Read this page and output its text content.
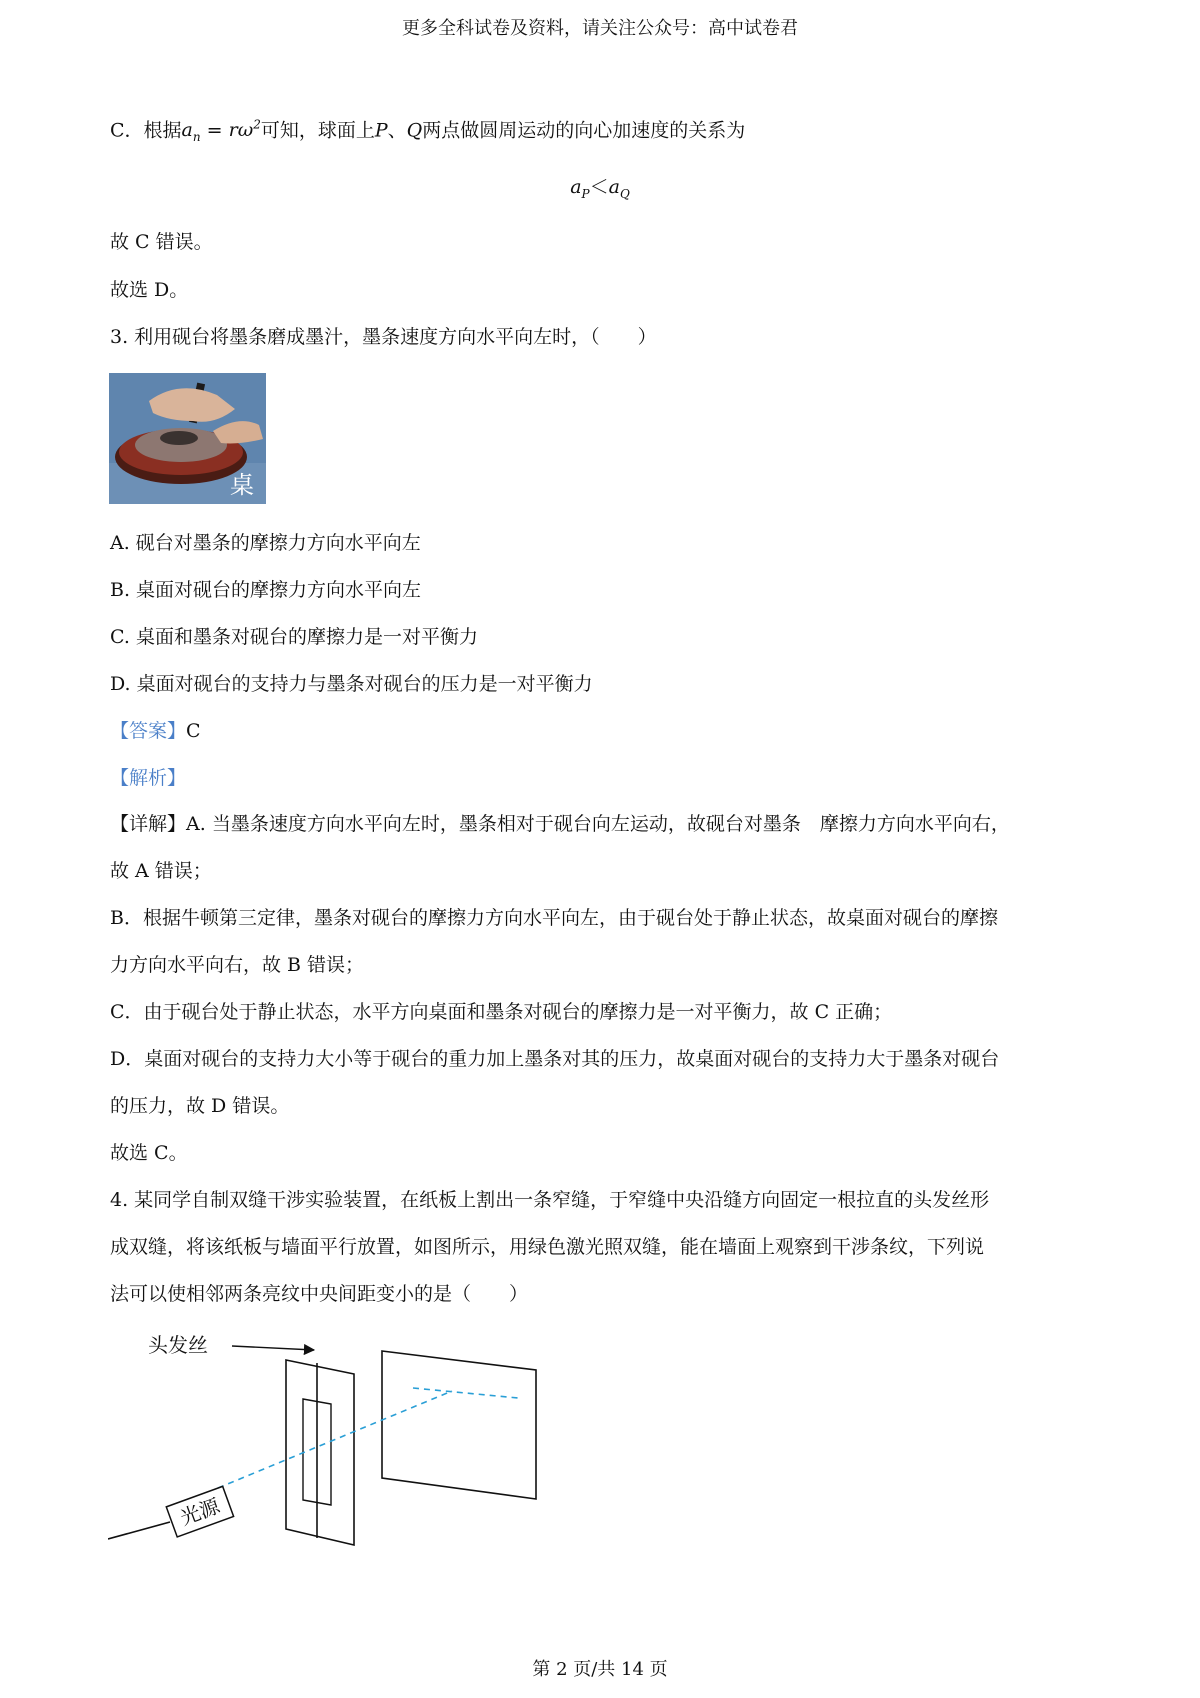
更多全科试卷及资料，请关注公众号：高中试卷君
C．根据$a_n = r\omega^2$可知，球面上P、Q两点做圆周运动的向心加速度的关系为
$a_P<a_Q$
故 C 错误。
故选 D。
3. 利用砚台将墨条磨成墨汁，墨条速度方向水平向左时，（　　）
桌
A. 砚台对墨条的摩擦力方向水平向左
B. 桌面对砚台的摩擦力方向水平向左
C. 桌面和墨条对砚台的摩擦力是一对平衡力
D. 桌面对砚台的支持力与墨条对砚台的压力是一对平衡力
【答案】C
【解析】
【详解】A. 当墨条速度方向水平向左时，墨条相对于砚台向左运动，故砚台对墨条　摩擦力方向水平向右，
故 A 错误；
B．根据牛顿第三定律，墨条对砚台的摩擦力方向水平向左，由于砚台处于静止状态，故桌面对砚台的摩擦
力方向水平向右，故 B 错误；
C．由于砚台处于静止状态，水平方向桌面和墨条对砚台的摩擦力是一对平衡力，故 C 正确；
D．桌面对砚台的支持力大小等于砚台的重力加上墨条对其的压力，故桌面对砚台的支持力大于墨条对砚台
的压力，故 D 错误。
故选 C。
4. 某同学自制双缝干涉实验装置，在纸板上割出一条窄缝，于窄缝中央沿缝方向固定一根拉直的头发丝形
成双缝，将该纸板与墙面平行放置，如图所示，用绿色激光照双缝，能在墙面上观察到干涉条纹，下列说
法可以使相邻两条亮纹中央间距变小的是（　　）
光源
头发丝
第 2 页/共 14 页
